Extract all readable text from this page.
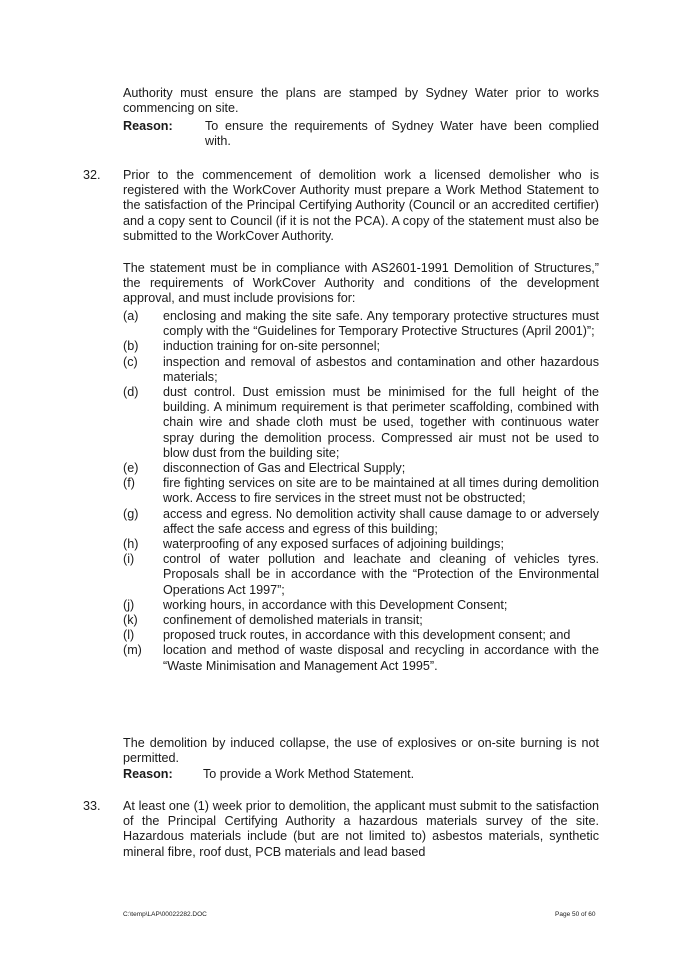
Authority must ensure the plans are stamped by Sydney Water prior to works commencing on site.
Reason:	To ensure the requirements of Sydney Water have been complied with.
32. Prior to the commencement of demolition work a licensed demolisher who is registered with the WorkCover Authority must prepare a Work Method Statement to the satisfaction of the Principal Certifying Authority (Council or an accredited certifier) and a copy sent to Council (if it is not the PCA). A copy of the statement must also be submitted to the WorkCover Authority.
The statement must be in compliance with AS2601-1991 Demolition of Structures,” the requirements of WorkCover Authority and conditions of the development approval, and must include provisions for:
(a) enclosing and making the site safe. Any temporary protective structures must comply with the “Guidelines for Temporary Protective Structures (April 2001)”;
(b) induction training for on-site personnel;
(c) inspection and removal of asbestos and contamination and other hazardous materials;
(d) dust control. Dust emission must be minimised for the full height of the building. A minimum requirement is that perimeter scaffolding, combined with chain wire and shade cloth must be used, together with continuous water spray during the demolition process. Compressed air must not be used to blow dust from the building site;
(e) disconnection of Gas and Electrical Supply;
(f) fire fighting services on site are to be maintained at all times during demolition work. Access to fire services in the street must not be obstructed;
(g) access and egress. No demolition activity shall cause damage to or adversely affect the safe access and egress of this building;
(h) waterproofing of any exposed surfaces of adjoining buildings;
(i) control of water pollution and leachate and cleaning of vehicles tyres. Proposals shall be in accordance with the “Protection of the Environmental Operations Act 1997”;
(j) working hours, in accordance with this Development Consent;
(k) confinement of demolished materials in transit;
(l) proposed truck routes, in accordance with this development consent; and
(m) location and method of waste disposal and recycling in accordance with the “Waste Minimisation and Management Act 1995”.
The demolition by induced collapse, the use of explosives or on-site burning is not permitted.
Reason: To provide a Work Method Statement.
33. At least one (1) week prior to demolition, the applicant must submit to the satisfaction of the Principal Certifying Authority a hazardous materials survey of the site. Hazardous materials include (but are not limited to) asbestos materials, synthetic mineral fibre, roof dust, PCB materials and lead based
C:\temp\LAP\00022282.DOC	Page 50 of 60
